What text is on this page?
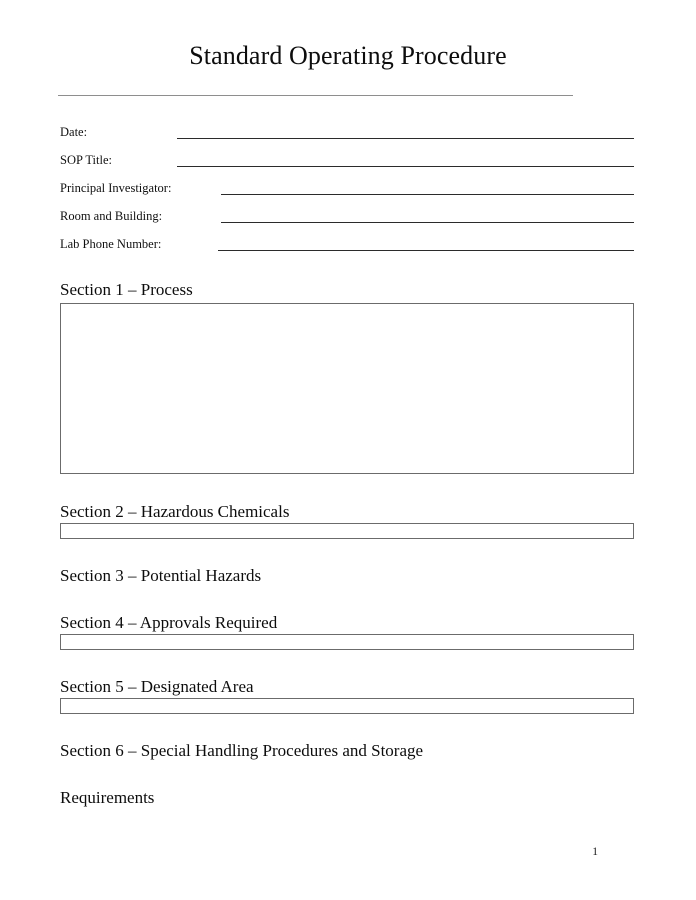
Standard Operating Procedure
Date:
SOP Title:
Principal Investigator:
Room and Building:
Lab Phone Number:
Section 1 – Process
Section 2 – Hazardous Chemicals
Section 3 – Potential Hazards
Section 4 – Approvals Required
Section 5 – Designated Area
Section 6 – Special Handling Procedures and Storage
Requirements
1
